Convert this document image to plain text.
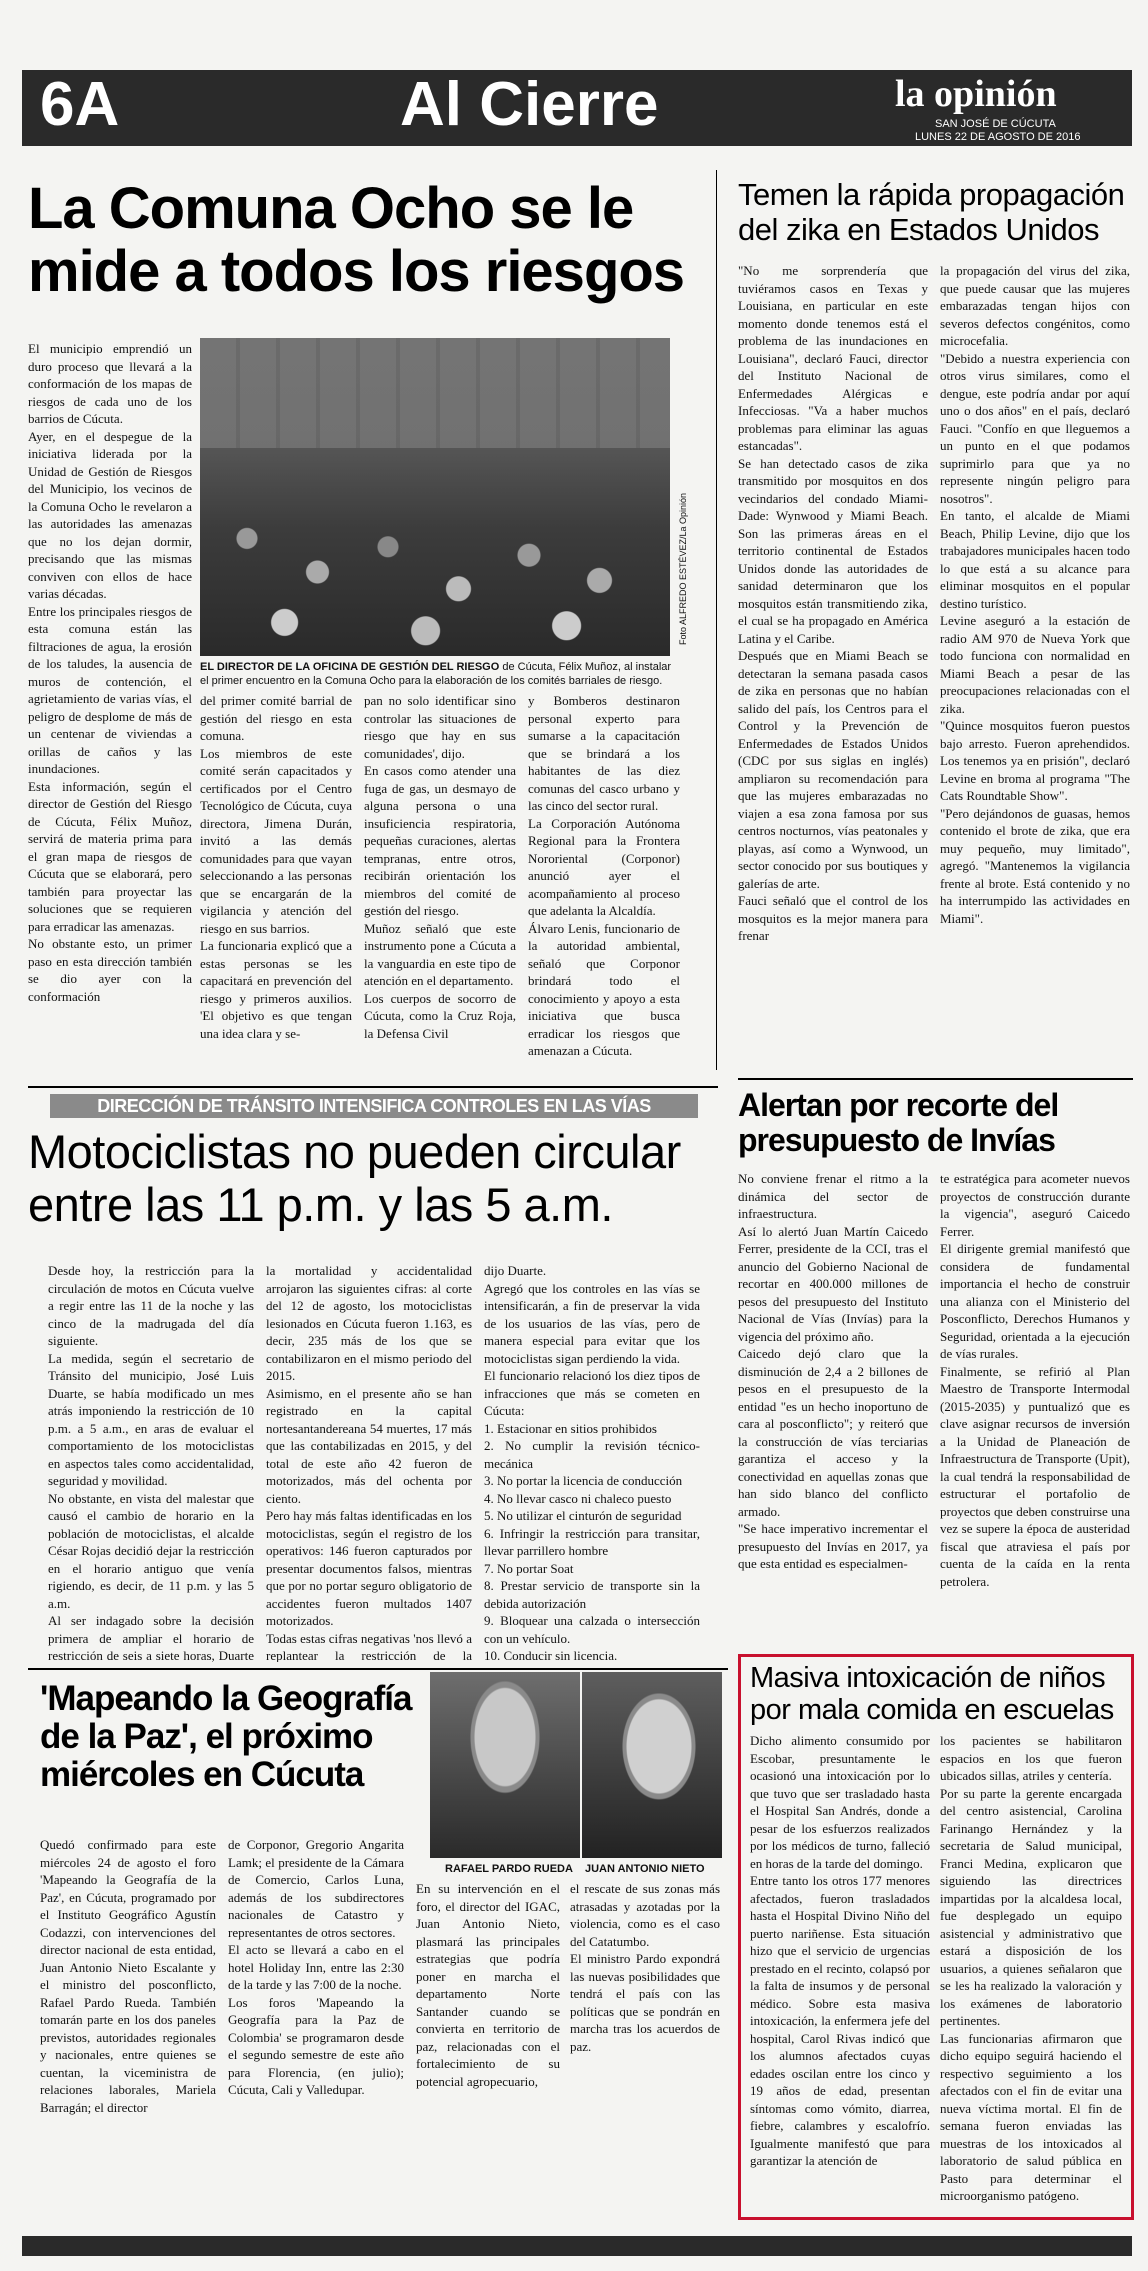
6A	Al Cierre	la opinión
SAN JOSÉ DE CÚCUTA
LUNES 22 DE AGOSTO DE 2016
La Comuna Ocho se le
mide a todos los riesgos
Foto ALFREDO ESTÉVEZ/La Opinión
EL DIRECTOR DE LA OFICINA DE GESTIÓN DEL RIESGO de Cúcuta, Félix Muñoz, al instalar el primer encuentro en la Comuna Ocho para la elaboración de los comités barriales de riesgo.
El municipio emprendió un duro proceso que llevará a la conformación de los mapas de riesgos de cada uno de los barrios de Cúcuta.
Ayer, en el despegue de la iniciativa liderada por la Unidad de Gestión de Riesgos del Municipio, los vecinos de la Comuna Ocho le revelaron a las autoridades las amenazas que no los dejan dormir, precisando que las mismas conviven con ellos de hace varias décadas.
Entre los principales riesgos de esta comuna están las filtraciones de agua, la erosión de los taludes, la ausencia de muros de contención, el agrietamiento de varias vías, el peligro de desplome de más de un centenar de viviendas a orillas de caños y las inundaciones.
Esta información, según el director de Gestión del Riesgo de Cúcuta, Félix Muñoz, servirá de materia prima para el gran mapa de riesgos de Cúcuta que se elaborará, pero también para proyectar las soluciones que se requieren para erradicar las amenazas.
No obstante esto, un primer paso en esta dirección también se dio ayer con la conformación
del primer comité barrial de gestión del riesgo en esta comuna.
Los miembros de este comité serán capacitados y certificados por el Centro Tecnológico de Cúcuta, cuya directora, Jimena Durán, invitó a las demás comunidades para que vayan seleccionando a las personas que se encargarán de la vigilancia y atención del riesgo en sus barrios.
La funcionaria explicó que a estas personas se les capacitará en prevención del riesgo y primeros auxilios. 'El objetivo es que tengan una idea clara y se-
pan no solo identificar sino controlar las situaciones de riesgo que hay en sus comunidades', dijo.
En casos como atender una fuga de gas, un desmayo de alguna persona o una insuficiencia respiratoria, pequeñas curaciones, alertas tempranas, entre otros, recibirán orientación los miembros del comité de gestión del riesgo.
Muñoz señaló que este instrumento pone a Cúcuta a la vanguardia en este tipo de atención en el departamento.
Los cuerpos de socorro de Cúcuta, como la Cruz Roja, la Defensa Civil
y Bomberos destinaron personal experto para sumarse a la capacitación que se brindará a los habitantes de las diez comunas del casco urbano y las cinco del sector rural.
La Corporación Autónoma Regional para la Frontera Nororiental (Corponor) anunció ayer el acompañamiento al proceso que adelanta la Alcaldía.
Álvaro Lenis, funcionario de la autoridad ambiental, señaló que Corponor brindará todo el conocimiento y apoyo a esta iniciativa que busca erradicar los riesgos que amenazan a Cúcuta.
Temen la rápida propagación
del zika en Estados Unidos
"No me sorprendería que tuviéramos casos en Texas y Louisiana, en particular en este momento donde tenemos está el problema de las inundaciones en Louisiana", declaró Fauci, director del Instituto Nacional de Enfermedades Alérgicas e Infecciosas. "Va a haber muchos problemas para eliminar las aguas estancadas".
Se han detectado casos de zika transmitido por mosquitos en dos vecindarios del condado Miami-Dade: Wynwood y Miami Beach. Son las primeras áreas en el territorio continental de Estados Unidos donde las autoridades de sanidad determinaron que los mosquitos están transmitiendo zika, el cual se ha propagado en América Latina y el Caribe.
Después que en Miami Beach se detectaran la semana pasada casos de zika en personas que no habían salido del país, los Centros para el Control y la Prevención de Enfermedades de Estados Unidos (CDC por sus siglas en inglés) ampliaron su recomendación para que las mujeres embarazadas no viajen a esa zona famosa por sus centros nocturnos, vías peatonales y playas, así como a Wynwood, un sector conocido por sus boutiques y galerías de arte.
Fauci señaló que el control de los mosquitos es la mejor manera para frenar
la propagación del virus del zika, que puede causar que las mujeres embarazadas tengan hijos con severos defectos congénitos, como microcefalia.
"Debido a nuestra experiencia con otros virus similares, como el dengue, este podría andar por aquí uno o dos años" en el país, declaró Fauci. "Confío en que lleguemos a un punto en el que podamos suprimirlo para que ya no represente ningún peligro para nosotros".
En tanto, el alcalde de Miami Beach, Philip Levine, dijo que los trabajadores municipales hacen todo lo que está a su alcance para eliminar mosquitos en el popular destino turístico.
Levine aseguró a la estación de radio AM 970 de Nueva York que todo funciona con normalidad en Miami Beach a pesar de las preocupaciones relacionadas con el zika.
"Quince mosquitos fueron puestos bajo arresto. Fueron aprehendidos. Los tenemos ya en prisión", declaró Levine en broma al programa "The Cats Roundtable Show".
"Pero dejándonos de guasas, hemos contenido el brote de zika, que era muy pequeño, muy limitado", agregó. "Mantenemos la vigilancia frente al brote. Está contenido y no ha interrumpido las actividades en Miami".
DIRECCIÓN DE TRÁNSITO INTENSIFICA CONTROLES EN LAS VÍAS
Motociclistas no pueden circular
entre las 11 p.m. y las 5 a.m.
Desde hoy, la restricción para la circulación de motos en Cúcuta vuelve a regir entre las 11 de la noche y las cinco de la madrugada del día siguiente.
La medida, según el secretario de Tránsito del municipio, José Luis Duarte, se había modificado un mes atrás imponiendo la restricción de 10 p.m. a 5 a.m., en aras de evaluar el comportamiento de los motociclistas en aspectos tales como accidentalidad, seguridad y movilidad.
No obstante, en vista del malestar que causó el cambio de horario en la población de motociclistas, el alcalde César Rojas decidió dejar la restricción en el horario antiguo que venía rigiendo, es decir, de 11 p.m. y las 5 a.m.
Al ser indagado sobre la decisión primera de ampliar el horario de restricción de seis a siete horas, Duarte

la mortalidad y accidentalidad arrojaron las siguientes cifras: al corte del 12 de agosto, los motociclistas lesionados en Cúcuta fueron 1.163, es decir, 235 más de los que se contabilizaron en el mismo periodo del 2015.
Asimismo, en el presente año se han registrado en la capital nortesantandereana 54 muertes, 17 más que las contabilizadas en 2015, y del total de este año 42 fueron de motorizados, más del ochenta por ciento.
Pero hay más faltas identificadas en los motociclistas, según el registro de los operativos: 146 fueron capturados por presentar documentos falsos, mientras que por no portar seguro obligatorio de accidentes fueron multados 1407 motorizados.
Todas estas cifras negativas 'nos llevó a replantear la restricción de la
dijo Duarte.
Agregó que los controles en las vías se intensificarán, a fin de preservar la vida de los usuarios de las vías, pero de manera especial para evitar que los motociclistas sigan perdiendo la vida.
El funcionario relacionó los diez tipos de infracciones que más se cometen en Cúcuta:
1. Estacionar en sitios prohibidos
2. No cumplir la revisión técnico-mecánica
3. No portar la licencia de conducción
4. No llevar casco ni chaleco puesto
5. No utilizar el cinturón de seguridad
6. Infringir la restricción para transitar, llevar parrillero hombre
7. No portar Soat
8. Prestar servicio de transporte sin la debida autorización
9. Bloquear una calzada o intersección con un vehículo.
10. Conducir sin licencia.
Alertan por recorte del
presupuesto de Invías
No conviene frenar el ritmo a la dinámica del sector de infraestructura.
Así lo alertó Juan Martín Caicedo Ferrer, presidente de la CCI, tras el anuncio del Gobierno Nacional de recortar en 400.000 millones de pesos del presupuesto del Instituto Nacional de Vías (Invías) para la vigencia del próximo año.
Caicedo dejó claro que la disminución de 2,4 a 2 billones de pesos en el presupuesto de la entidad "es un hecho inoportuno de cara al posconflicto"; y reiteró que la construcción de vías terciarias garantiza el acceso y la conectividad en aquellas zonas que han sido blanco del conflicto armado.
"Se hace imperativo incrementar el presupuesto del Invías en 2017, ya que esta entidad es especialmen-
te estratégica para acometer nuevos proyectos de construcción durante la vigencia", aseguró Caicedo Ferrer.
El dirigente gremial manifestó que considera de fundamental importancia el hecho de construir una alianza con el Ministerio del Posconflicto, Derechos Humanos y Seguridad, orientada a la ejecución de vías rurales.
Finalmente, se refirió al Plan Maestro de Transporte Intermodal (2015-2035) y puntualizó que es clave asignar recursos de inversión a la Unidad de Planeación de Infraestructura de Transporte (Upit), la cual tendrá la responsabilidad de estructurar el portafolio de proyectos que deben construirse una vez se supere la época de austeridad fiscal que atraviesa el país por cuenta de la caída en la renta petrolera.
'Mapeando la Geografía
de la Paz', el próximo
miércoles en Cúcuta
RAFAEL PARDO RUEDA JUAN ANTONIO NIETO
Quedó confirmado para este miércoles 24 de agosto el foro 'Mapeando la Geografía de la Paz', en Cúcuta, programado por el Instituto Geográfico Agustín Codazzi, con intervenciones del director nacional de esta entidad, Juan Antonio Nieto Escalante y el ministro del posconflicto, Rafael Pardo Rueda. También tomarán parte en los dos paneles previstos, autoridades regionales y nacionales, entre quienes se cuentan, la viceministra de relaciones laborales, Mariela Barragán; el director
de Corponor, Gregorio Angarita Lamk; el presidente de la Cámara de Comercio, Carlos Luna, además de los subdirectores nacionales de Catastro y representantes de otros sectores.
El acto se llevará a cabo en el hotel Holiday Inn, entre las 2:30 de la tarde y las 7:00 de la noche.
Los foros 'Mapeando la Geografía para la Paz de Colombia' se programaron desde el segundo semestre de este año para Florencia, (en julio); Cúcuta, Cali y Valledupar.
En su intervención en el foro, el director del IGAC, Juan Antonio Nieto, plasmará las principales estrategias que podría poner en marcha el departamento Norte Santander cuando se convierta en territorio de paz, relacionadas con el fortalecimiento de su potencial agropecuario,
el rescate de sus zonas más atrasadas y azotadas por la violencia, como es el caso del Catatumbo.
El ministro Pardo expondrá las nuevas posibilidades que tendrá el país con las políticas que se pondrán en marcha tras los acuerdos de paz.
Masiva intoxicación de niños
por mala comida en escuelas
Dicho alimento consumido por Escobar, presuntamente le ocasionó una intoxicación por lo que tuvo que ser trasladado hasta el Hospital San Andrés, donde a pesar de los esfuerzos realizados por los médicos de turno, falleció en horas de la tarde del domingo.
Entre tanto los otros 177 menores afectados, fueron trasladados hasta el Hospital Divino Niño del puerto nariñense. Esta situación hizo que el servicio de urgencias prestado en el recinto, colapsó por la falta de insumos y de personal médico. Sobre esta masiva intoxicación, la enfermera jefe del hospital, Carol Rivas indicó que los alumnos afectados cuyas edades oscilan entre los cinco y 19 años de edad, presentan síntomas como vómito, diarrea, fiebre, calambres y escalofrío. Igualmente manifestó que para garantizar la atención de
los pacientes se habilitaron espacios en los que fueron ubicados sillas, atriles y centería.
Por su parte la gerente encargada del centro asistencial, Carolina Farinango Hernández y la secretaria de Salud municipal, Franci Medina, explicaron que siguiendo las directrices impartidas por la alcaldesa local, fue desplegado un equipo asistencial y administrativo que estará a disposición de los usuarios, a quienes señalaron que se les ha realizado la valoración y los exámenes de laboratorio pertinentes.
Las funcionarias afirmaron que dicho equipo seguirá haciendo el respectivo seguimiento a los afectados con el fin de evitar una nueva víctima mortal. El fin de semana fueron enviadas las muestras de los intoxicados al laboratorio de salud pública en Pasto para determinar el microorganismo patógeno.
